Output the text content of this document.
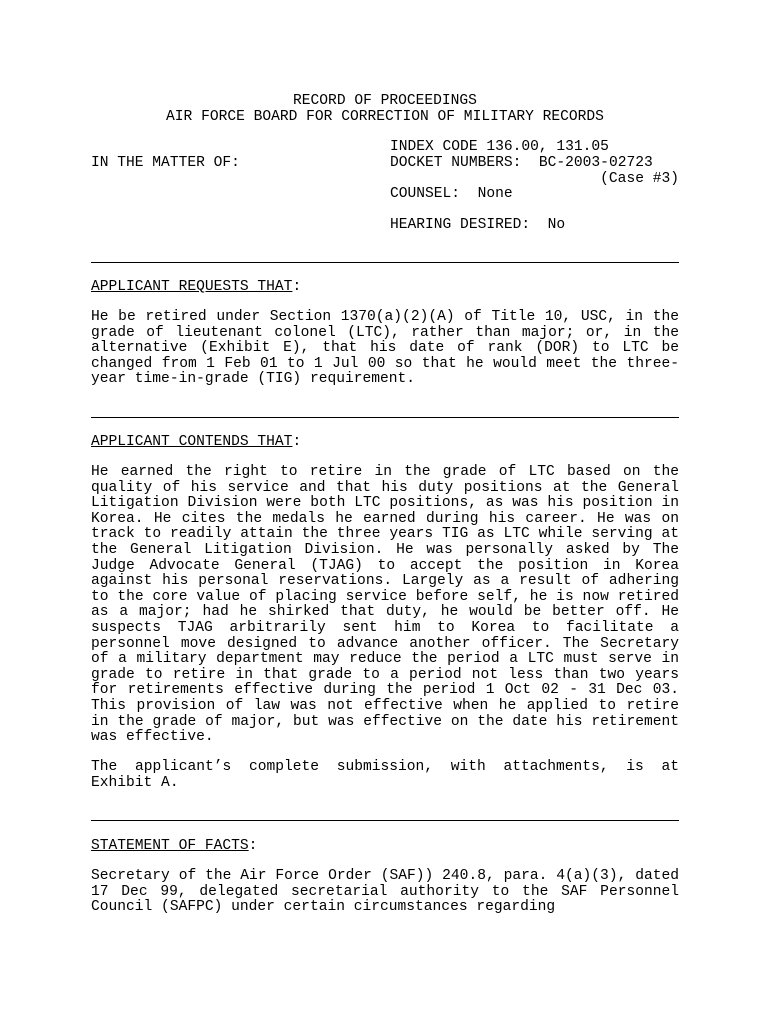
RECORD OF PROCEEDINGS
AIR FORCE BOARD FOR CORRECTION OF MILITARY RECORDS
INDEX CODE 136.00, 131.05
IN THE MATTER OF:	DOCKET NUMBERS:  BC-2003-02723
(Case #3)
COUNSEL:  None
HEARING DESIRED:  No
APPLICANT REQUESTS THAT:

He be retired under Section 1370(a)(2)(A) of Title 10, USC, in the grade of lieutenant colonel (LTC), rather than major; or, in the alternative (Exhibit E), that his date of rank (DOR) to LTC be changed from 1 Feb 01 to 1 Jul 00 so that he would meet the three-year time-in-grade (TIG) requirement.

APPLICANT CONTENDS THAT:

He earned the right to retire in the grade of LTC based on the quality of his service and that his duty positions at the General Litigation Division were both LTC positions, as was his position in Korea. He cites the medals he earned during his career. He was on track to readily attain the three years TIG as LTC while serving at the General Litigation Division. He was personally asked by The Judge Advocate General (TJAG) to accept the position in Korea against his personal reservations. Largely as a result of adhering to the core value of placing service before self, he is now retired as a major; had he shirked that duty, he would be better off. He suspects TJAG arbitrarily sent him to Korea to facilitate a personnel move designed to advance another officer. The Secretary of a military department may reduce the period a LTC must serve in grade to retire in that grade to a period not less than two years for retirements effective during the period 1 Oct 02 - 31 Dec 03. This provision of law was not effective when he applied to retire in the grade of major, but was effective on the date his retirement was effective.

The applicant’s complete submission, with attachments, is at Exhibit A.

STATEMENT OF FACTS:

Secretary of the Air Force Order (SAF)) 240.8, para. 4(a)(3), dated 17 Dec 99, delegated secretarial authority to the SAF Personnel Council (SAFPC) under certain circumstances regarding
